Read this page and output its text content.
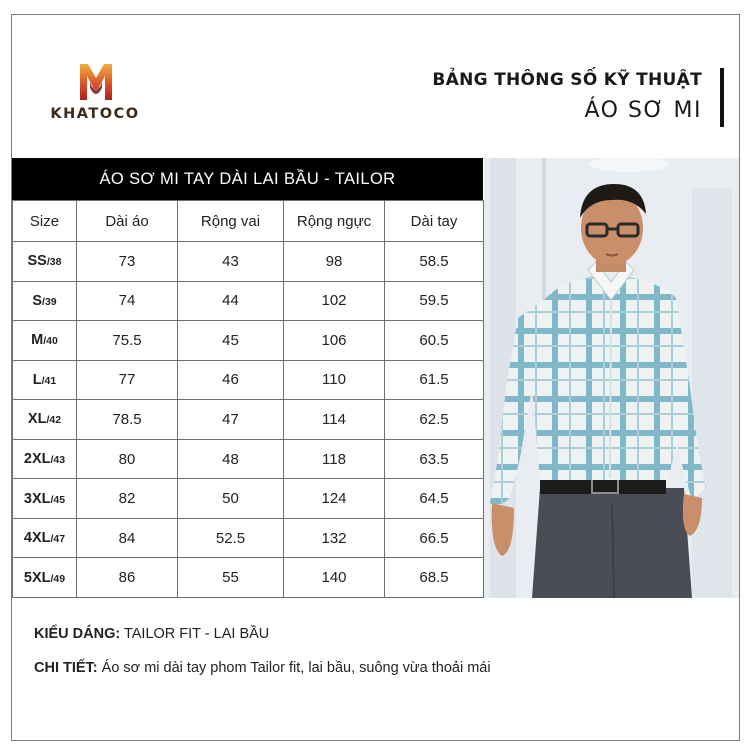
KHATOCO
BẢNG THÔNG SỐ KỸ THUẬT
ÁO SƠ MI
ÁO SƠ MI TAY DÀI LAI BẦU - TAILOR
Size	Dài áo	Rộng vai	Rộng ngực	Dài tay
SS/38	73	43	98	58.5
S/39	74	44	102	59.5
M/40	75.5	45	106	60.5
L/41	77	46	110	61.5
XL/42	78.5	47	114	62.5
2XL/43	80	48	118	63.5
3XL/45	82	50	124	64.5
4XL/47	84	52.5	132	66.5
5XL/49	86	55	140	68.5
KIỂU DÁNG: TAILOR FIT - LAI BẦU
CHI TIẾT: Áo sơ mi dài tay phom Tailor fit, lai bầu, suông vừa thoải mái
